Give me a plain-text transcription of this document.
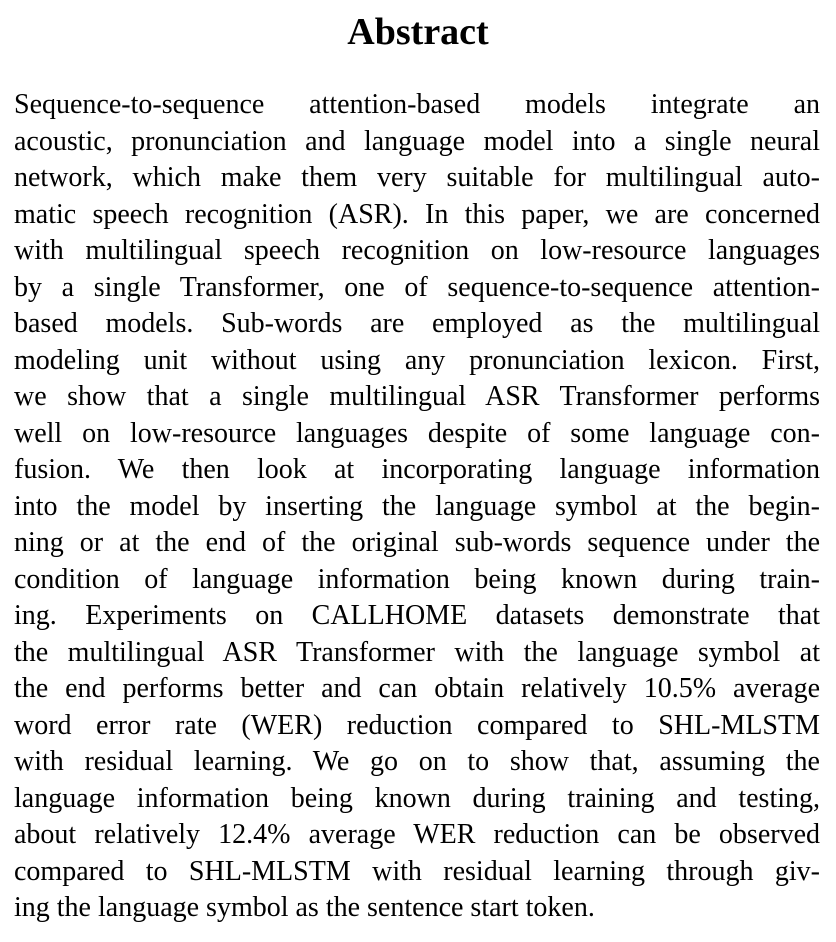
Abstract
Sequence-to-sequence attention-based models integrate an
acoustic, pronunciation and language model into a single neural
network, which make them very suitable for multilingual auto-
matic speech recognition (ASR). In this paper, we are concerned
with multilingual speech recognition on low-resource languages
by a single Transformer, one of sequence-to-sequence attention-
based models. Sub-words are employed as the multilingual
modeling unit without using any pronunciation lexicon. First,
we show that a single multilingual ASR Transformer performs
well on low-resource languages despite of some language con-
fusion. We then look at incorporating language information
into the model by inserting the language symbol at the begin-
ning or at the end of the original sub-words sequence under the
condition of language information being known during train-
ing. Experiments on CALLHOME datasets demonstrate that
the multilingual ASR Transformer with the language symbol at
the end performs better and can obtain relatively 10.5% average
word error rate (WER) reduction compared to SHL-MLSTM
with residual learning. We go on to show that, assuming the
language information being known during training and testing,
about relatively 12.4% average WER reduction can be observed
compared to SHL-MLSTM with residual learning through giv-
ing the language symbol as the sentence start token.
